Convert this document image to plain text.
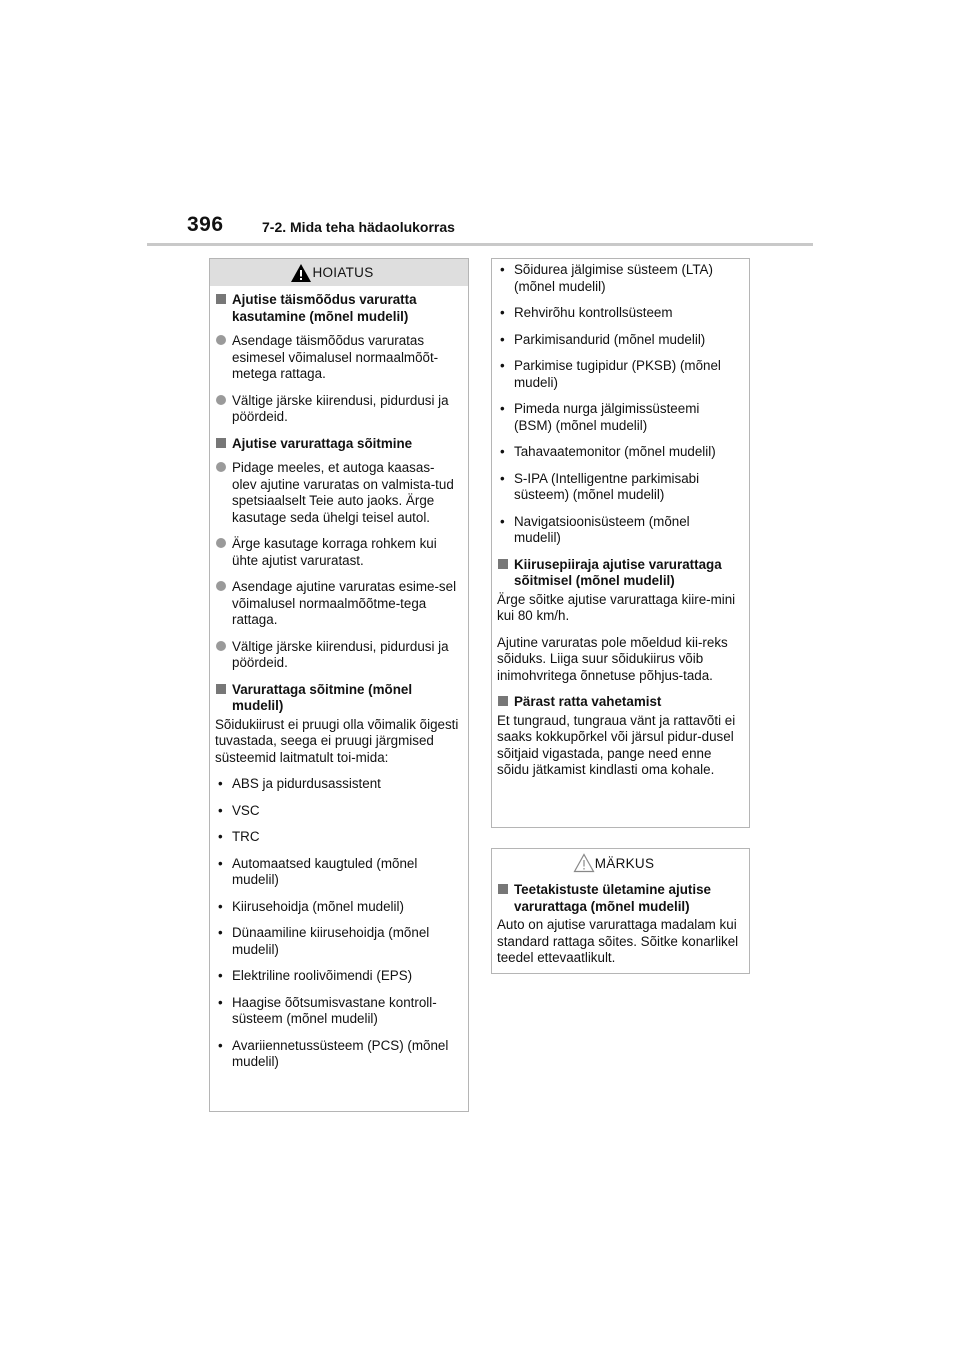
396	7-2. Mida teha hädaolukorras
HOIATUS
Ajutise täismõõdus varuratta kasutamine (mõnel mudelil)
Asendage täismõõdus varuratas esimesel võimalusel normaalmõõt-metega rattaga.
Vältige järske kiirendusi, pidurdusi ja pöördeid.
Ajutise varurattaga sõitmine
Pidage meeles, et autoga kaasas-olev ajutine varuratas on valmista-tud spetsiaalselt Teie auto jaoks. Ärge kasutage seda ühelgi teisel autol.
Ärge kasutage korraga rohkem kui ühte ajutist varuratast.
Asendage ajutine varuratas esime-sel võimalusel normaalmõõtme-tega rattaga.
Vältige järske kiirendusi, pidurdusi ja pöördeid.
Varurattaga sõitmine (mõnel mudelil)
Sõidukiirust ei pruugi olla võimalik õigesti tuvastada, seega ei pruugi järgmised süsteemid laitmatult toi-mida:
• ABS ja pidurdusassistent
• VSC
• TRC
• Automaatsed kaugtuled (mõnel mudelil)
• Kiirusehoidja (mõnel mudelil)
• Dünaamiline kiirusehoidja (mõnel mudelil)
• Elektriline roolivõimendi (EPS)
• Haagise õõtsumisvastane kontroll-süsteem (mõnel mudelil)
• Avariiennetussüsteem (PCS) (mõnel mudelil)
• Sõidurea jälgimise süsteem (LTA) (mõnel mudelil)
• Rehvirõhu kontrollsüsteem
• Parkimisandurid (mõnel mudelil)
• Parkimise tugipidur (PKSB) (mõnel mudeli)
• Pimeda nurga jälgimissüsteemi (BSM) (mõnel mudelil)
• Tahavaatemonitor (mõnel mudelil)
• S-IPA (Intelligentne parkimisabi süsteem) (mõnel mudelil)
• Navigatsioonisüsteem (mõnel mudelil)
Kiirusepiiraja ajutise varurattaga sõitmisel (mõnel mudelil)
Ärge sõitke ajutise varurattaga kiire-mini kui 80 km/h.
Ajutine varuratas pole mõeldud kii-reks sõiduks. Liiga suur sõidukiirus võib inimohvritega õnnetuse põhjus-tada.
Pärast ratta vahetamist
Et tungraud, tungraua vänt ja rattavõti ei saaks kokkupõrkel või järsul pidur-dusel sõitjaid vigastada, pange need enne sõidu jätkamist kindlasti oma kohale.
MÄRKUS
Teetakistuste ületamine ajutise varurattaga (mõnel mudelil)
Auto on ajutise varurattaga madalam kui standard rattaga sõites. Sõitke konarlikel teedel ettevaatlikult.
